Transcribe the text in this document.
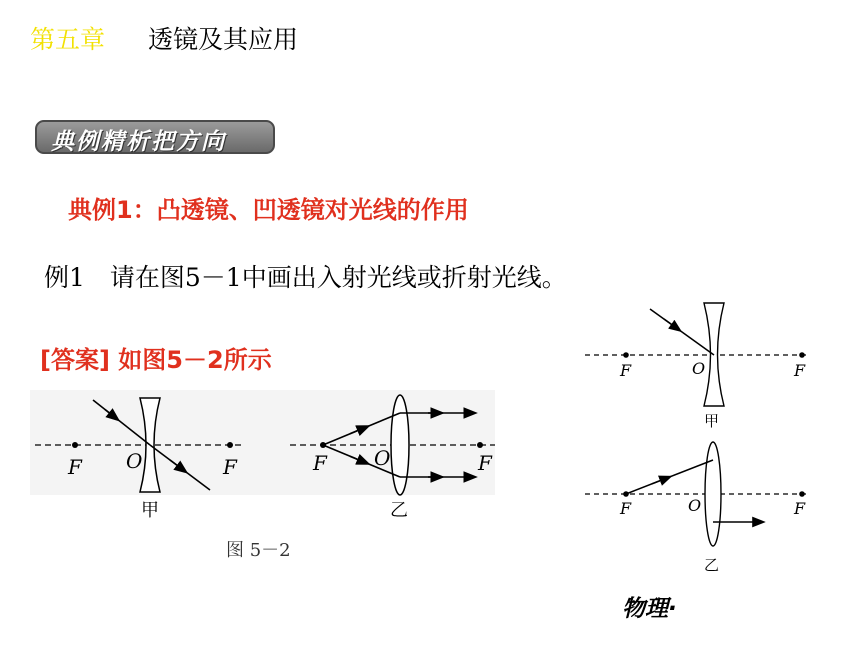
第五章 透镜及其应用
典例精析把方向
典例1：凸透镜、凹透镜对光线的作用
例1　请在图5－1中画出入射光线或折射光线。
[答案] 如图5－2所示
F O	F
甲
F O	F
乙
图 5－2
F	O	F
甲
F	O	F
乙
物理·
